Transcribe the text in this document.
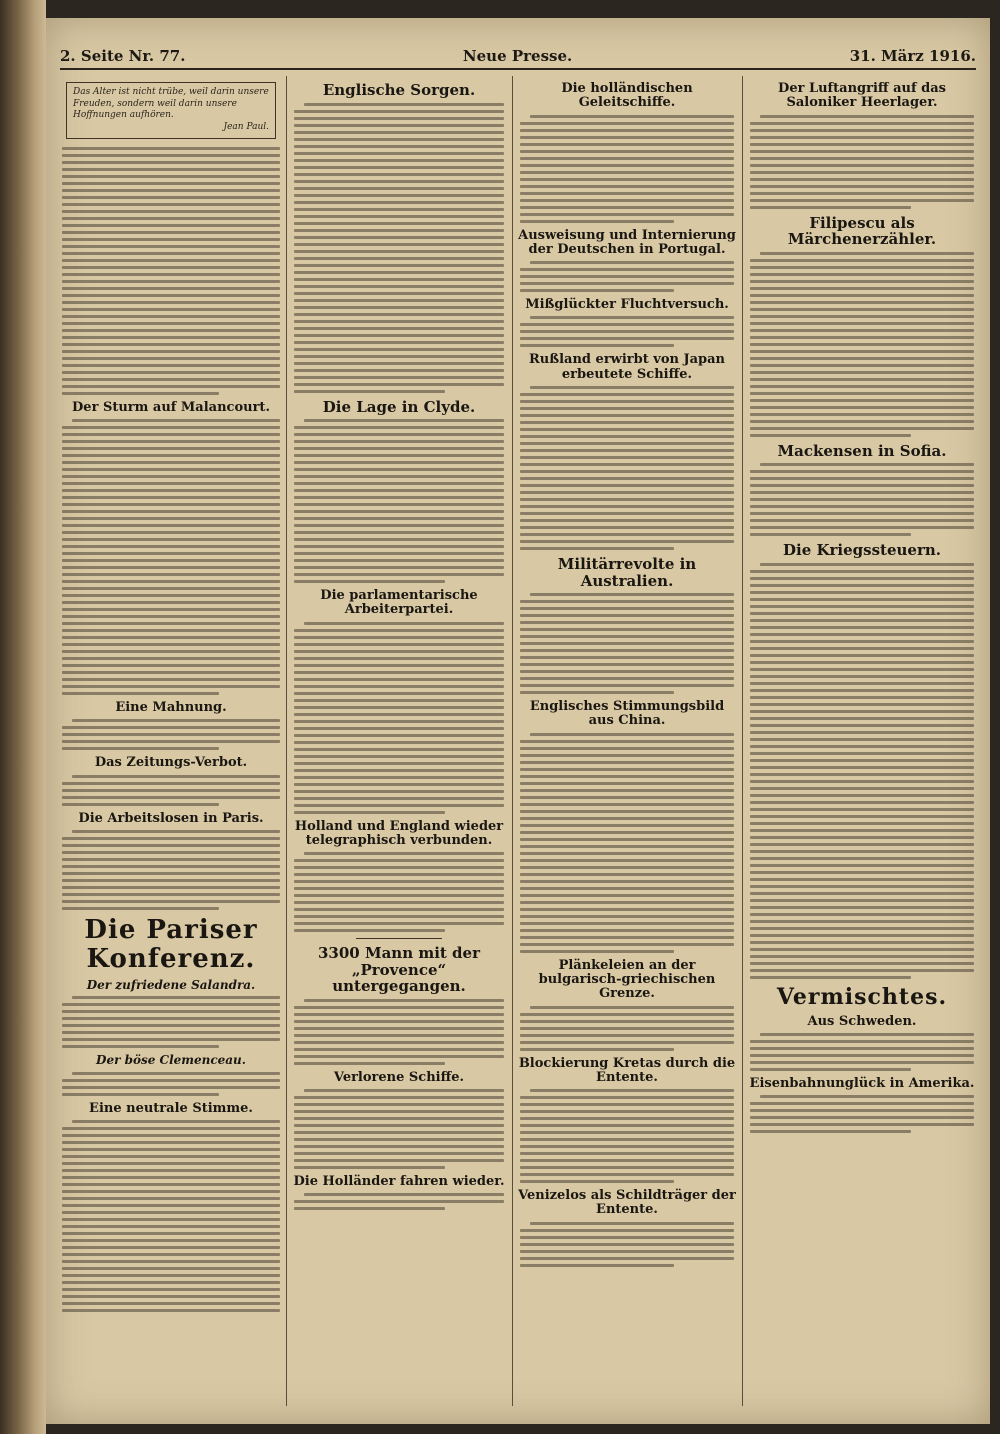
2. Seite Nr. 77.	Neue Presse.	31. März 1916.
Das Alter ist nicht trübe, weil darin unsere Freuden, sondern weil darin unsere Hoffnungen aufhören.
Jean Paul.
Der Sturm auf Malancourt.
Eine Mahnung.
Das Zeitungs-Verbot.
Die Arbeitslosen in Paris.
Die Pariser Konferenz.
Der zufriedene Salandra.
Der böse Clemenceau.
Eine neutrale Stimme.
Englische Sorgen.
Die Lage in Clyde.
Die parlamentarische Arbeiterpartei.
Holland und England wieder telegraphisch verbunden.
3300 Mann mit der „Provence“ untergegangen.
Verlorene Schiffe.
Die Holländer fahren wieder.
Die holländischen Geleitschiffe.
Ausweisung und Internierung der Deutschen in Portugal.
Mißglückter Fluchtversuch.
Rußland erwirbt von Japan erbeutete Schiffe.
Militärrevolte in Australien.
Englisches Stimmungsbild aus China.
Plänkeleien an der bulgarisch-griechischen Grenze.
Blockierung Kretas durch die Entente.
Venizelos als Schildträger der Entente.
Der Luftangriff auf das Saloniker Heerlager.
Filipescu als Märchenerzähler.
Mackensen in Sofia.
Die Kriegssteuern.
Vermischtes.
Aus Schweden.
Eisenbahnunglück in Amerika.
